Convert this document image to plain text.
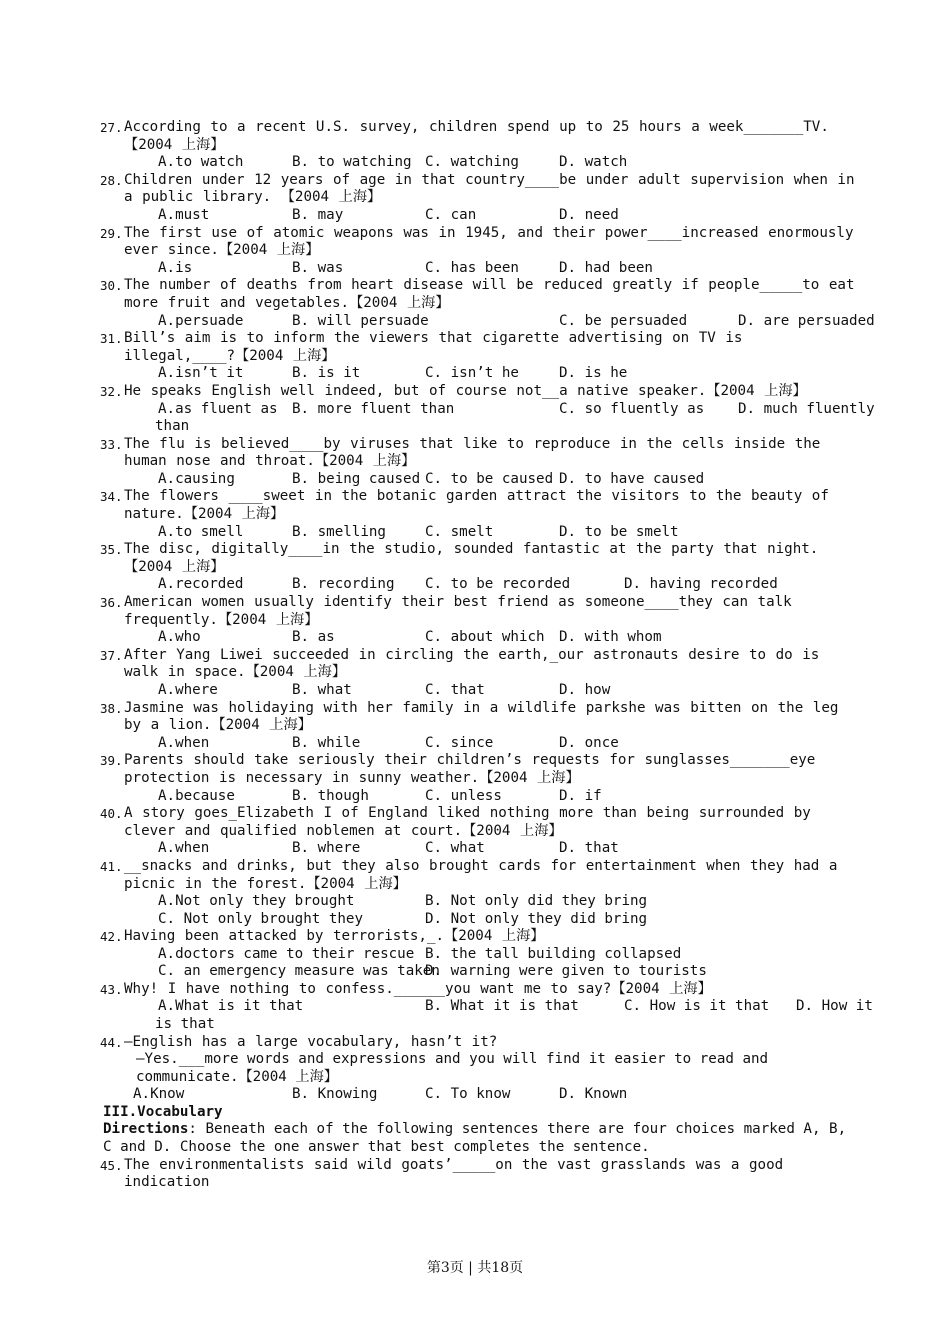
27. According to a recent U.S. survey, children spend up to 25 hours a week_______TV.【2004 上海】
A.to watch	B. to watching C. watching	D. watch
28. Children under 12 years of age in that country____be under adult supervision when in a public library. 【2004 上海】
A.must	B. may	C. can	D. need
29. The first use of atomic weapons was in 1945, and their power____increased enormously ever since.【2004 上海】
A.is	B. was	C. has been	D. had been
30. The number of deaths from heart disease will be reduced greatly if people_____to eat more fruit and vegetables.【2004 上海】
A.persuade	B. will persuade	C. be persuaded	D. are persuaded
31. Bill’s aim is to inform the viewers that cigarette advertising on TV is illegal,____?【2004 上海】
A.isn’t it	B. is it	C. isn’t he	D. is he
32. He speaks English well indeed, but of course not__a native speaker.【2004 上海】
A.as fluent as B. more fluent than	C. so fluently as D. much fluently
than
33. The flu is believed____by viruses that like to reproduce in the cells inside the human nose and throat.【2004 上海】
A.causing	B. being caused C. to be caused D. to have caused
34. The flowers ____sweet in the botanic garden attract the visitors to the beauty of nature.【2004 上海】
A.to smell	B. smelling	C. smelt	D. to be smelt
35. The disc, digitally____in the studio, sounded fantastic at the party that night.【2004 上海】
A.recorded	B. recording C. to be recorded	D. having recorded
36. American women usually identify their best friend as someone____they can talk frequently.【2004 上海】
A.who	B. as	C. about which D. with whom
37. After Yang Liwei succeeded in circling the earth,_our astronauts desire to do is walk in space.【2004 上海】
A.where	B. what	C. that	D. how
38. Jasmine was holidaying with her family in a wildlife parkshe was bitten on the leg by a lion.【2004 上海】
A.when	B. while	C. since	D. once
39. Parents should take seriously their children’s requests for sunglasses_______eye protection is necessary in sunny weather.【2004 上海】
A.because	B. though	C. unless	D. if
40. A story goes_Elizabeth I of England liked nothing more than being surrounded by clever and qualified noblemen at court.【2004 上海】
A.when	B. where	C. what	D. that
41. __snacks and drinks, but they also brought cards for entertainment when they had a picnic in the forest.【2004 上海】
A.Not only they brought	B. Not only did they bring
C. Not only brought they	D. Not only they did bring
42. Having been attacked by terrorists,_.【2004 上海】
A.doctors came to their rescue B. the tall building collapsed
C. an emergency measure was taken
D. warning were given to tourists
43. Why! I have nothing to confess.______you want me to say?【2004 上海】
A.What is it that	B. What it is that	C. How is it that D. How it
is that
44. —English has a large vocabulary, hasn’t it?
—Yes.___more words and expressions and you will find it easier to read and communicate.【2004 上海】
A.Know	B. Knowing	C. To know	D. Known
III.Vocabulary
Directions: Beneath each of the following sentences there are four choices marked A, B, C and D. Choose the one answer that best completes the sentence.
45. The environmentalists said wild goats’_____on the vast grasslands was a good indication
第3页 | 共18页
